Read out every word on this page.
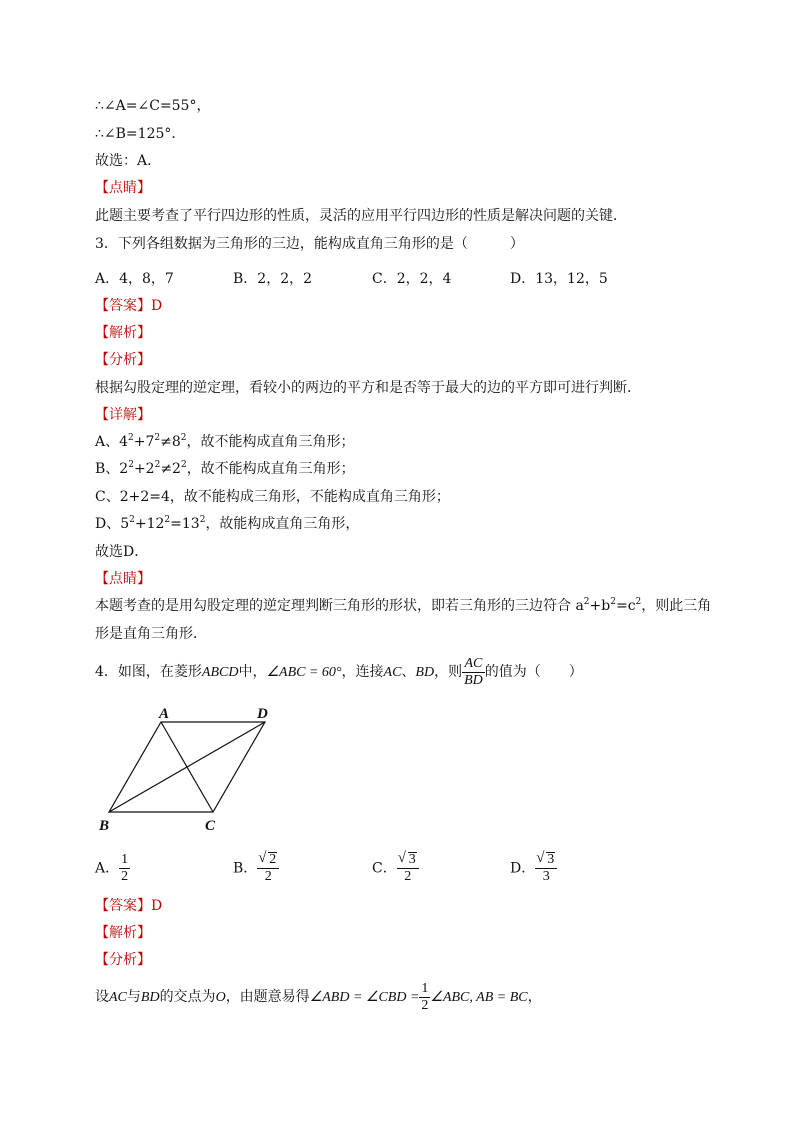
∴∠A=∠C=55°，
∴∠B=125°．
故选：A．
【点睛】
此题主要考查了平行四边形的性质，灵活的应用平行四边形的性质是解决问题的关键．
3．下列各组数据为三角形的三边，能构成直角三角形的是（　　　）
A．4，8，7	B．2，2，2	C．2，2，4	D．13，12，5
【答案】D
【解析】
【分析】
根据勾股定理的逆定理，看较小的两边的平方和是否等于最大的边的平方即可进行判断.
【详解】
A、$4^2+7^2\ne 8^2$，故不能构成直角三角形；
B、$2^2+2^2\ne 2^2$，故不能构成直角三角形；
C、2+2=4，故不能构成三角形，不能构成直角三角形；
D、$5^2+12^2=13^2$，故能构成直角三角形，
故选D．
【点睛】
本题考查的是用勾股定理的逆定理判断三角形的形状，即若三角形的三边符合 $a^2+b^2=c^2$，则此三角
形是直角三角形．
4．如图，在菱形ABCD中，∠ABC = 60°，连接AC、BD，则 $\frac{AC}{BD}$ 的值为（　　）
A	D
B	C
A． $\frac{1}{2}$	B． √ $\frac{2}{2}$	C． √ $\frac{3}{2}$	D． √ $\frac{3}{3}$
【答案】D
【解析】
【分析】
设AC与BD的交点为O，由题意易得∠ABD = ∠CBD = $\frac{1}{2}$ ∠ABC, AB = BC，
